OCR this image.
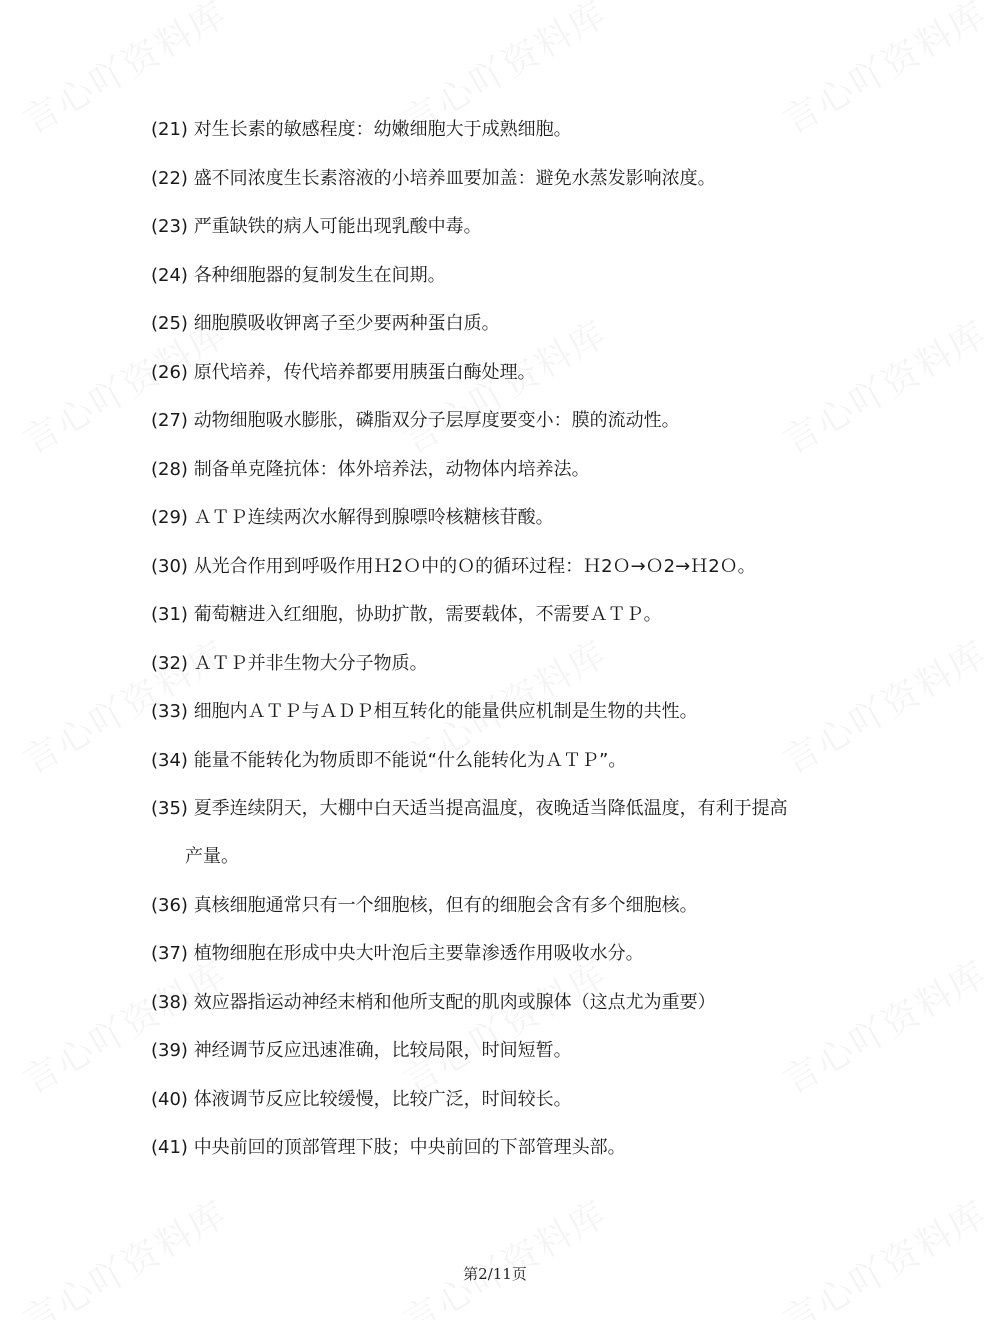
(21) 对生长素的敏感程度：幼嫩细胞大于成熟细胞。
(22) 盛不同浓度生长素溶液的小培养皿要加盖：避免水蒸发影响浓度。
(23) 严重缺铁的病人可能出现乳酸中毒。
(24) 各种细胞器的复制发生在间期。
(25) 细胞膜吸收钾离子至少要两种蛋白质。
(26) 原代培养，传代培养都要用胰蛋白酶处理。
(27) 动物细胞吸水膨胀，磷脂双分子层厚度要变小：膜的流动性。
(28) 制备单克隆抗体：体外培养法，动物体内培养法。
(29) ＡＴＰ连续两次水解得到腺嘌呤核糖核苷酸。
(30) 从光合作用到呼吸作用Ｈ2Ｏ中的Ｏ的循环过程：Ｈ2Ｏ→Ｏ2→Ｈ2Ｏ。
(31) 葡萄糖进入红细胞，协助扩散，需要载体，不需要ＡＴＰ。
(32) ＡＴＰ并非生物大分子物质。
(33) 细胞内ＡＴＰ与ＡＤＰ相互转化的能量供应机制是生物的共性。
(34) 能量不能转化为物质即不能说“什么能转化为ＡＴＰ”。
(35) 夏季连续阴天，大棚中白天适当提高温度，夜晚适当降低温度，有利于提高
产量。
(36) 真核细胞通常只有一个细胞核，但有的细胞会含有多个细胞核。
(37) 植物细胞在形成中央大叶泡后主要靠渗透作用吸收水分。
(38) 效应器指运动神经末梢和他所支配的肌肉或腺体（这点尤为重要）
(39) 神经调节反应迅速准确，比较局限，时间短暂。
(40) 体液调节反应比较缓慢，比较广泛，时间较长。
(41) 中央前回的顶部管理下肢；中央前回的下部管理头部。
第2/11页
